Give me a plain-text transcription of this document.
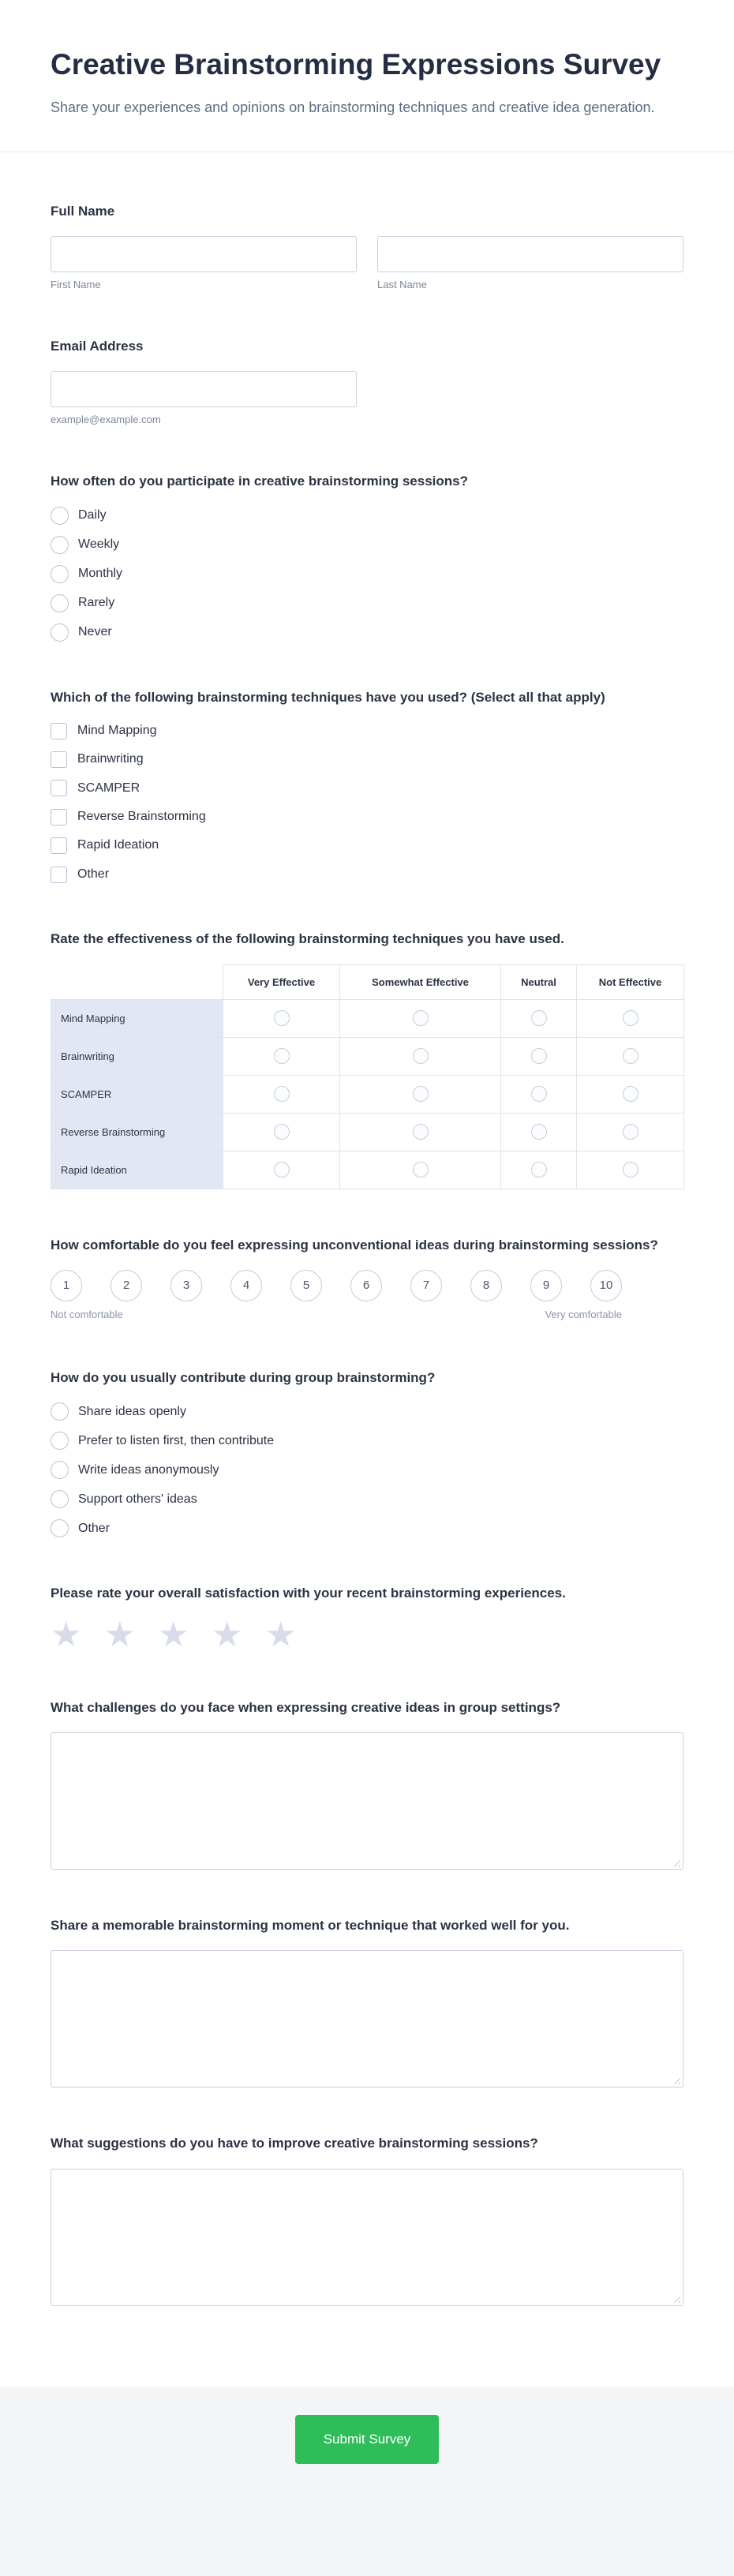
Creative Brainstorming Expressions Survey
Share your experiences and opinions on brainstorming techniques and creative idea generation.
Full Name
First Name	Last Name
Email Address
example@example.com
How often do you participate in creative brainstorming sessions?
Daily
Weekly
Monthly
Rarely
Never
Which of the following brainstorming techniques have you used? (Select all that apply)
Mind Mapping
Brainwriting
SCAMPER
Reverse Brainstorming
Rapid Ideation
Other
Rate the effectiveness of the following brainstorming techniques you have used.
	Very Effective	Somewhat Effective	Neutral	Not Effective
Mind Mapping				
Brainwriting				
SCAMPER				
Reverse Brainstorming				
Rapid Ideation				
How comfortable do you feel expressing unconventional ideas during brainstorming sessions?
1	2	3	4	5	6	7	8	9	10
Not comfortable	Very comfortable
How do you usually contribute during group brainstorming?
Share ideas openly
Prefer to listen first, then contribute
Write ideas anonymously
Support others' ideas
Other
Please rate your overall satisfaction with your recent brainstorming experiences.
★
★
★
★
★
What challenges do you face when expressing creative ideas in group settings?
Share a memorable brainstorming moment or technique that worked well for you.
What suggestions do you have to improve creative brainstorming sessions?
Submit Survey
